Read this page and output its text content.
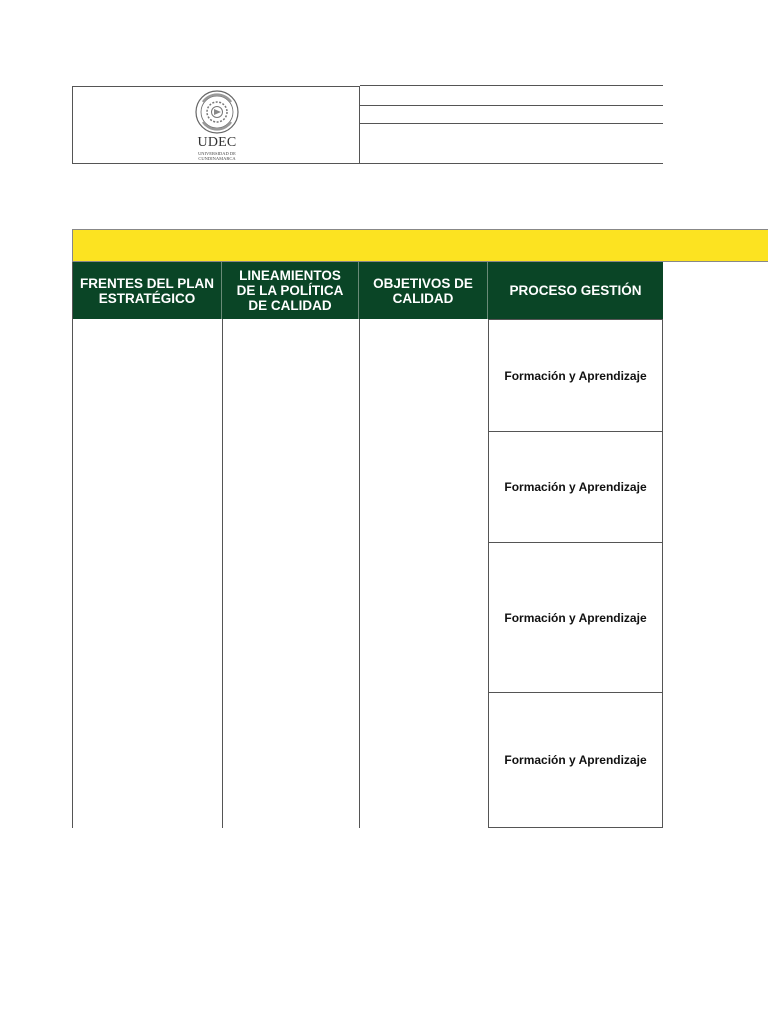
UDEC
UNIVERSIDAD DE CUNDINAMARCA
FRENTES DEL PLAN ESTRATÉGICO
LINEAMIENTOS DE LA POLÍTICA DE CALIDAD
OBJETIVOS DE CALIDAD	PROCESO GESTIÓN
Formación y Aprendizaje
Formación y Aprendizaje
Formación y Aprendizaje
Formación y Aprendizaje
